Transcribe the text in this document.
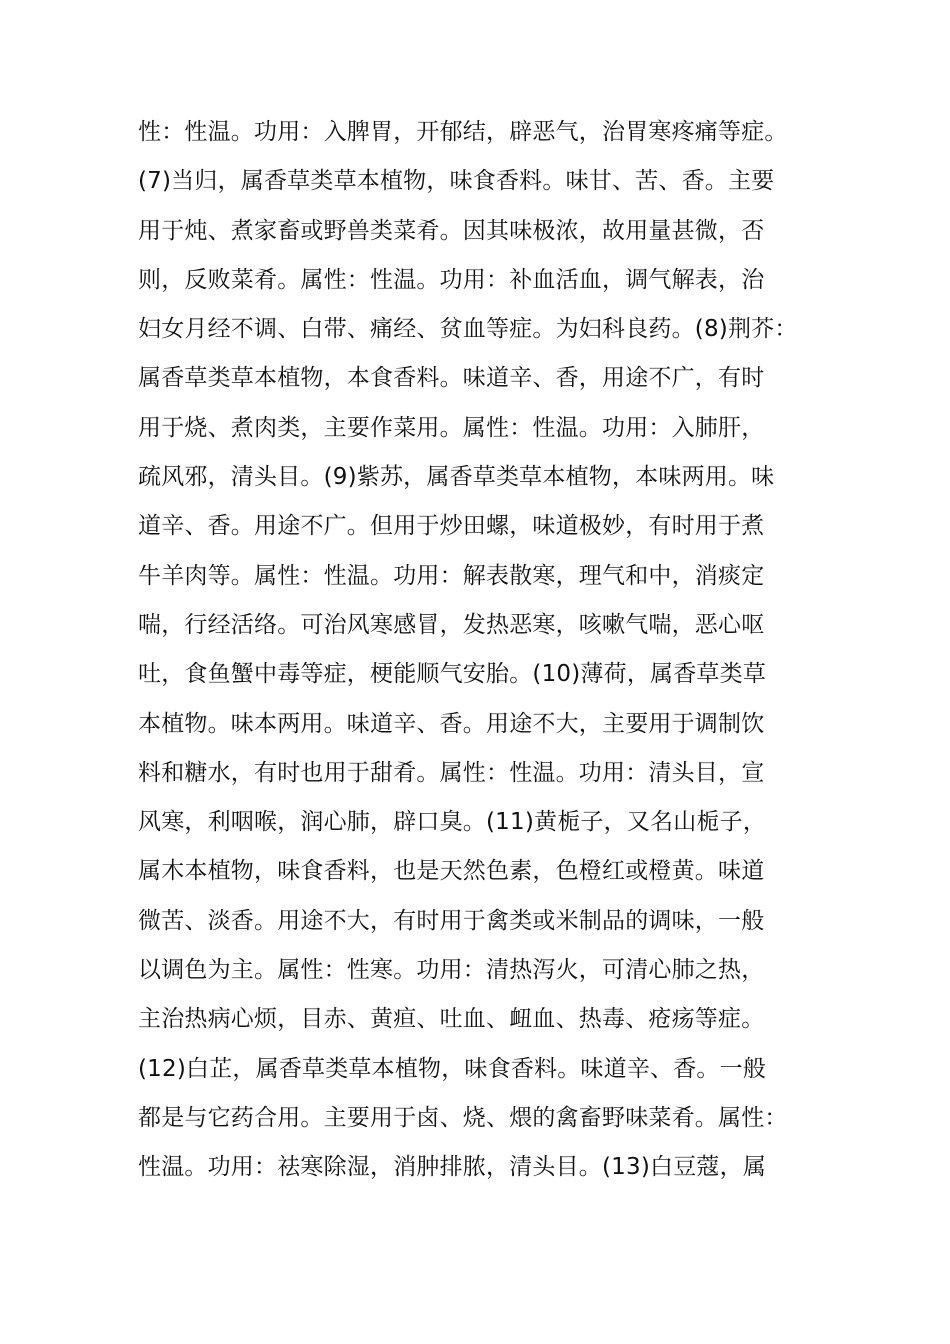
性：性温。功用：入脾胃，开郁结，辟恶气，治胃寒疼痛等症。
(7)当归，属香草类草本植物，味食香料。味甘、苦、香。主要
用于炖、煮家畜或野兽类菜肴。因其味极浓，故用量甚微，否
则，反败菜肴。属性：性温。功用：补血活血，调气解表，治
妇女月经不调、白带、痛经、贫血等症。为妇科良药。(8)荆芥：
属香草类草本植物，本食香料。味道辛、香，用途不广，有时
用于烧、煮肉类，主要作菜用。属性：性温。功用：入肺肝，
疏风邪，清头目。(9)紫苏，属香草类草本植物，本味两用。味
道辛、香。用途不广。但用于炒田螺，味道极妙，有时用于煮
牛羊肉等。属性：性温。功用：解表散寒，理气和中，消痰定
喘，行经活络。可治风寒感冒，发热恶寒，咳嗽气喘，恶心呕
吐，食鱼蟹中毒等症，梗能顺气安胎。(10)薄荷，属香草类草
本植物。味本两用。味道辛、香。用途不大，主要用于调制饮
料和糖水，有时也用于甜肴。属性：性温。功用：清头目，宣
风寒，利咽喉，润心肺，辟口臭。(11)黄栀子，又名山栀子，
属木本植物，味食香料，也是天然色素，色橙红或橙黄。味道
微苦、淡香。用途不大，有时用于禽类或米制品的调味，一般
以调色为主。属性：性寒。功用：清热泻火，可清心肺之热，
主治热病心烦，目赤、黄疸、吐血、衄血、热毒、疮疡等症。
(12)白芷，属香草类草本植物，味食香料。味道辛、香。一般
都是与它药合用。主要用于卤、烧、煨的禽畜野味菜肴。属性：
性温。功用：祛寒除湿，消肿排脓，清头目。(13)白豆蔻，属
